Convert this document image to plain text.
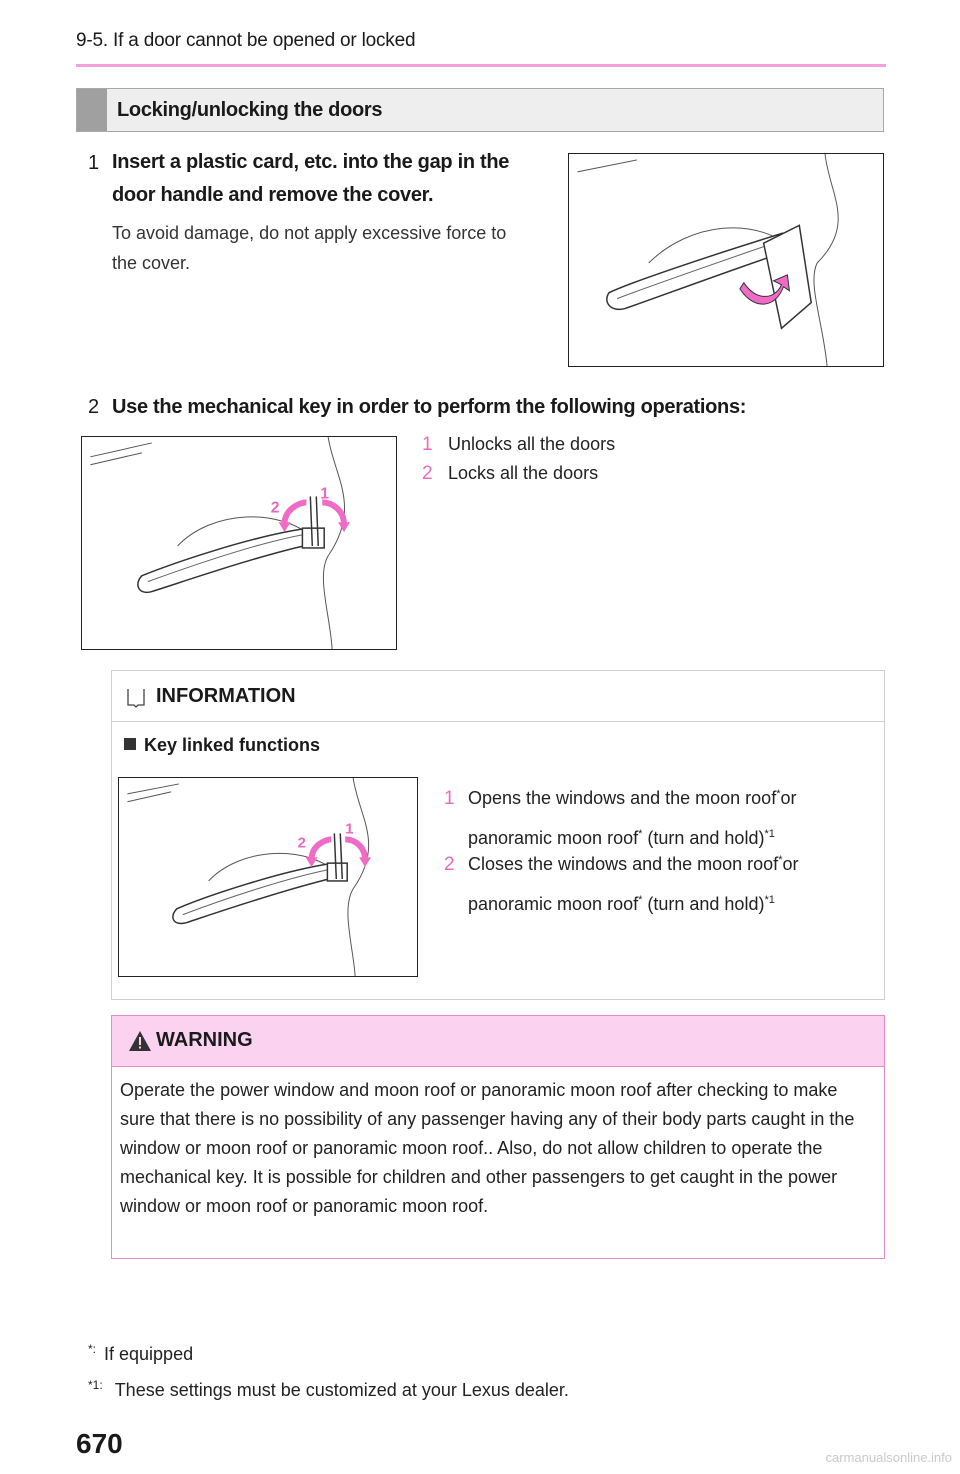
9-5. If a door cannot be opened or locked
Locking/unlocking the doors
1 Insert a plastic card, etc. into the gap in the
door handle and remove the cover.
To avoid damage, do not apply excessive force to
the cover.
2 Use the mechanical key in order to perform the following operations:
2
1
1 Unlocks all the doors
2 Locks all the doors
INFORMATION
Key linked functions
2
1
1 Opens the windows and the moon roof*or
panoramic moon roof* (turn and hold)$^{*1}$
2 Closes the windows and the moon roof*or
panoramic moon roof* (turn and hold)$^{*1}$
WARNING
Operate the power window and moon roof or panoramic moon roof after checking to make sure that there is no possibility of any passenger having any of their body parts caught in the window or moon roof or panoramic moon roof.. Also, do not allow children to operate the mechanical key. It is possible for children and other passengers to get caught in the power window or moon roof or panoramic moon roof.
*: If equipped
$^{*1:}$ These settings must be customized at your Lexus dealer.
670	carmanualsonline.info
